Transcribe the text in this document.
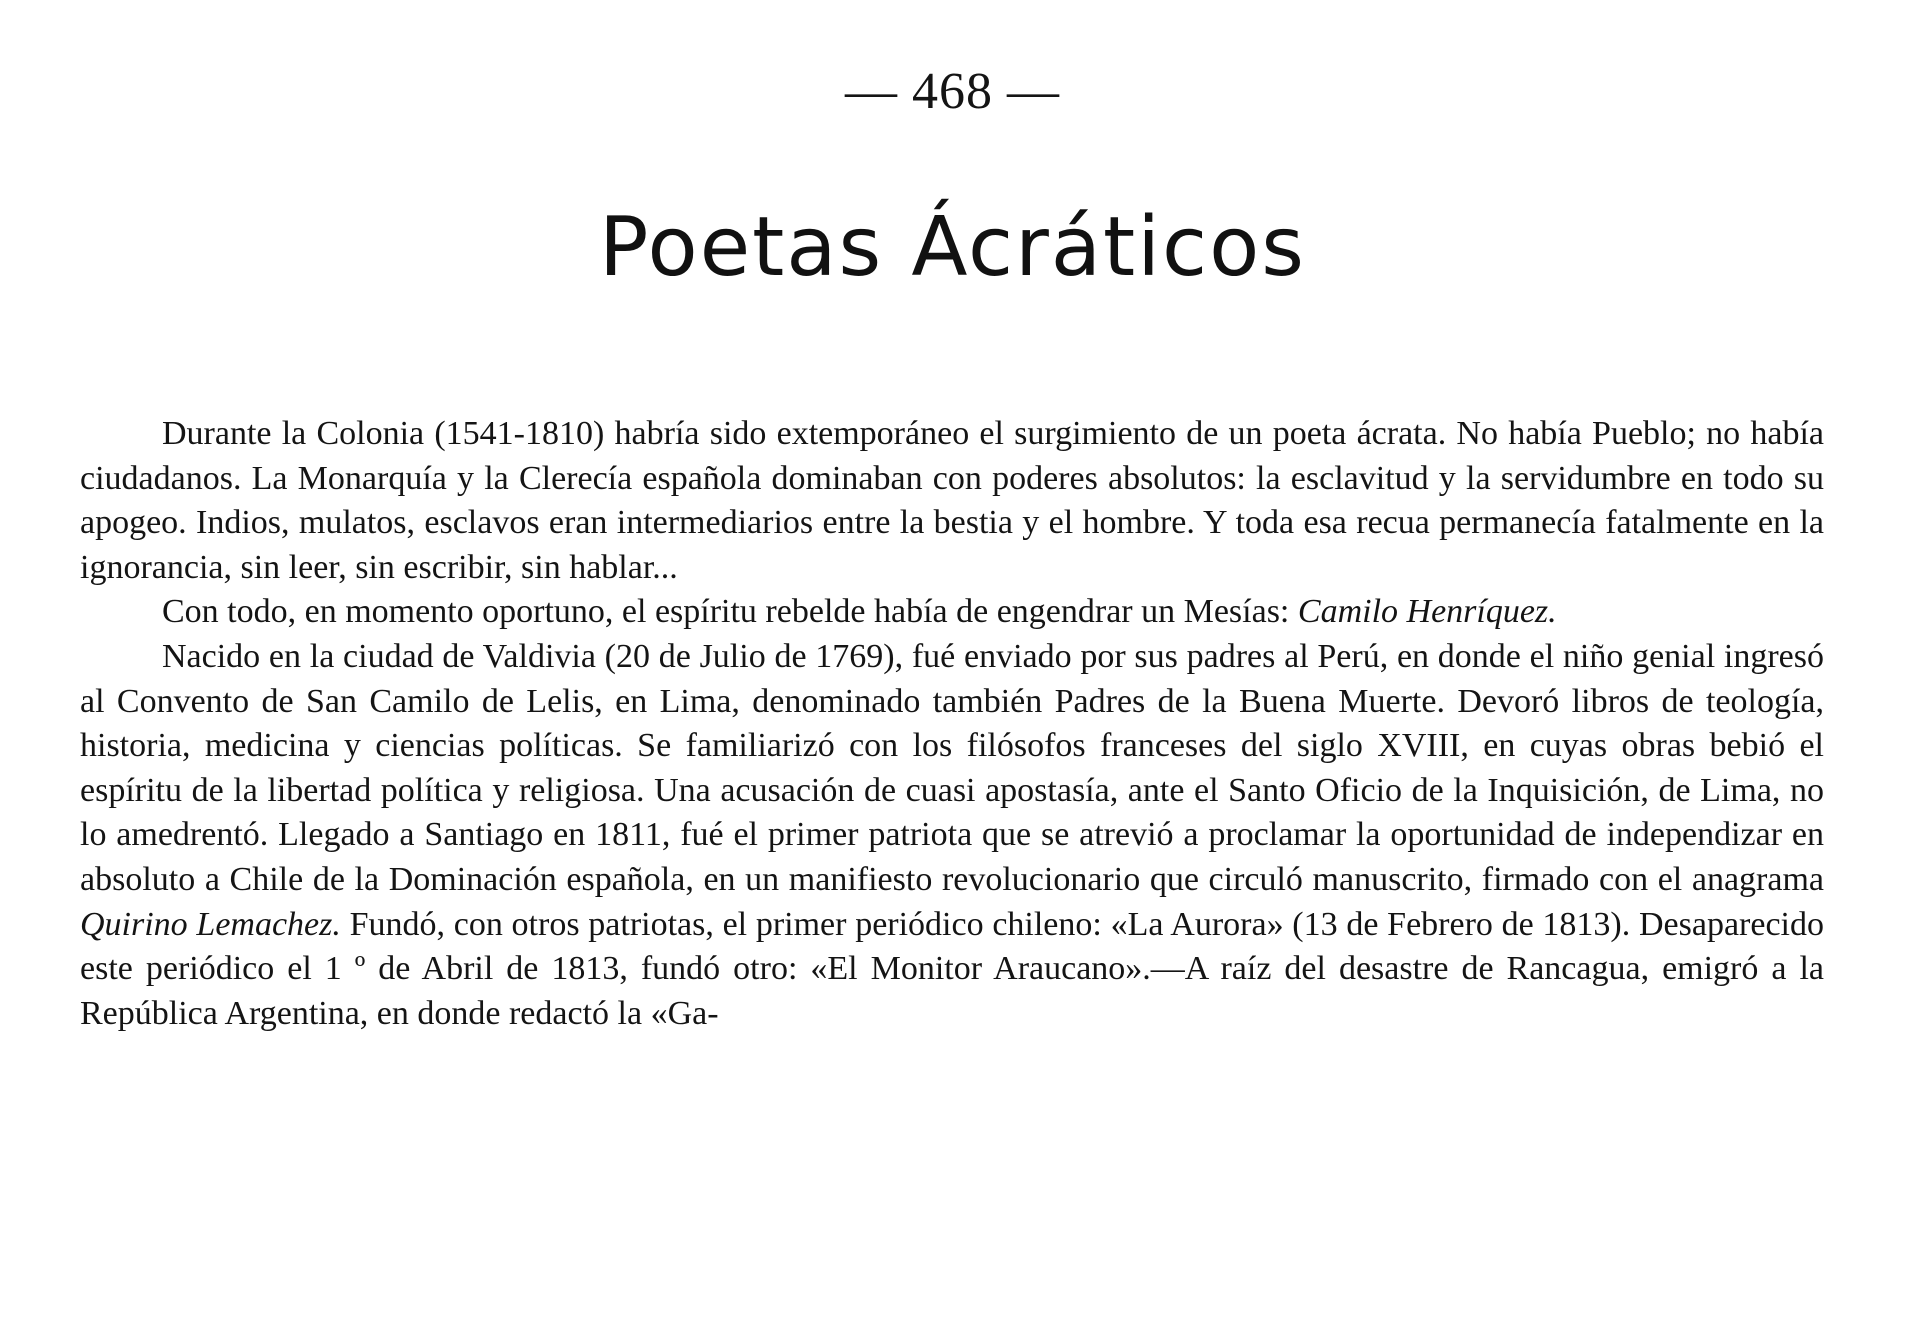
— 468 —
Poetas Ácráticos

Durante la Colonia (1541-1810) habría sido extemporáneo el surgimiento de un poeta ácrata. No había Pueblo; no había ciudadanos. La Monarquía y la Clerecía española dominaban con poderes absolutos: la esclavitud y la servidumbre en todo su apogeo. Indios, mulatos, esclavos eran intermediarios entre la bestia y el hombre. Y toda esa recua permanecía fatalmente en la ignorancia, sin leer, sin escribir, sin hablar...

Con todo, en momento oportuno, el espíritu rebelde había de engendrar un Mesías: Camilo Henríquez.

Nacido en la ciudad de Valdivia (20 de Julio de 1769), fué enviado por sus padres al Perú, en donde el niño genial ingresó al Convento de San Camilo de Lelis, en Lima, denominado también Padres de la Buena Muerte. Devoró libros de teología, historia, medicina y ciencias políticas. Se familiarizó con los filósofos franceses del siglo XVIII, en cuyas obras bebió el espíritu de la libertad política y religiosa. Una acusación de cuasi apostasía, ante el Santo Oficio de la Inquisición, de Lima, no lo amedrentó. Llegado a Santiago en 1811, fué el primer patriota que se atrevió a proclamar la oportunidad de independizar en absoluto a Chile de la Dominación española, en un manifiesto revolucionario que circuló manuscrito, firmado con el anagrama Quirino Lemachez. Fundó, con otros patriotas, el primer periódico chileno: «La Aurora» (13 de Febrero de 1813). Desaparecido este periódico el 1 º de Abril de 1813, fundó otro: «El Monitor Araucano».—A raíz del desastre de Rancagua, emigró a la República Argentina, en donde redactó la «Ga-
